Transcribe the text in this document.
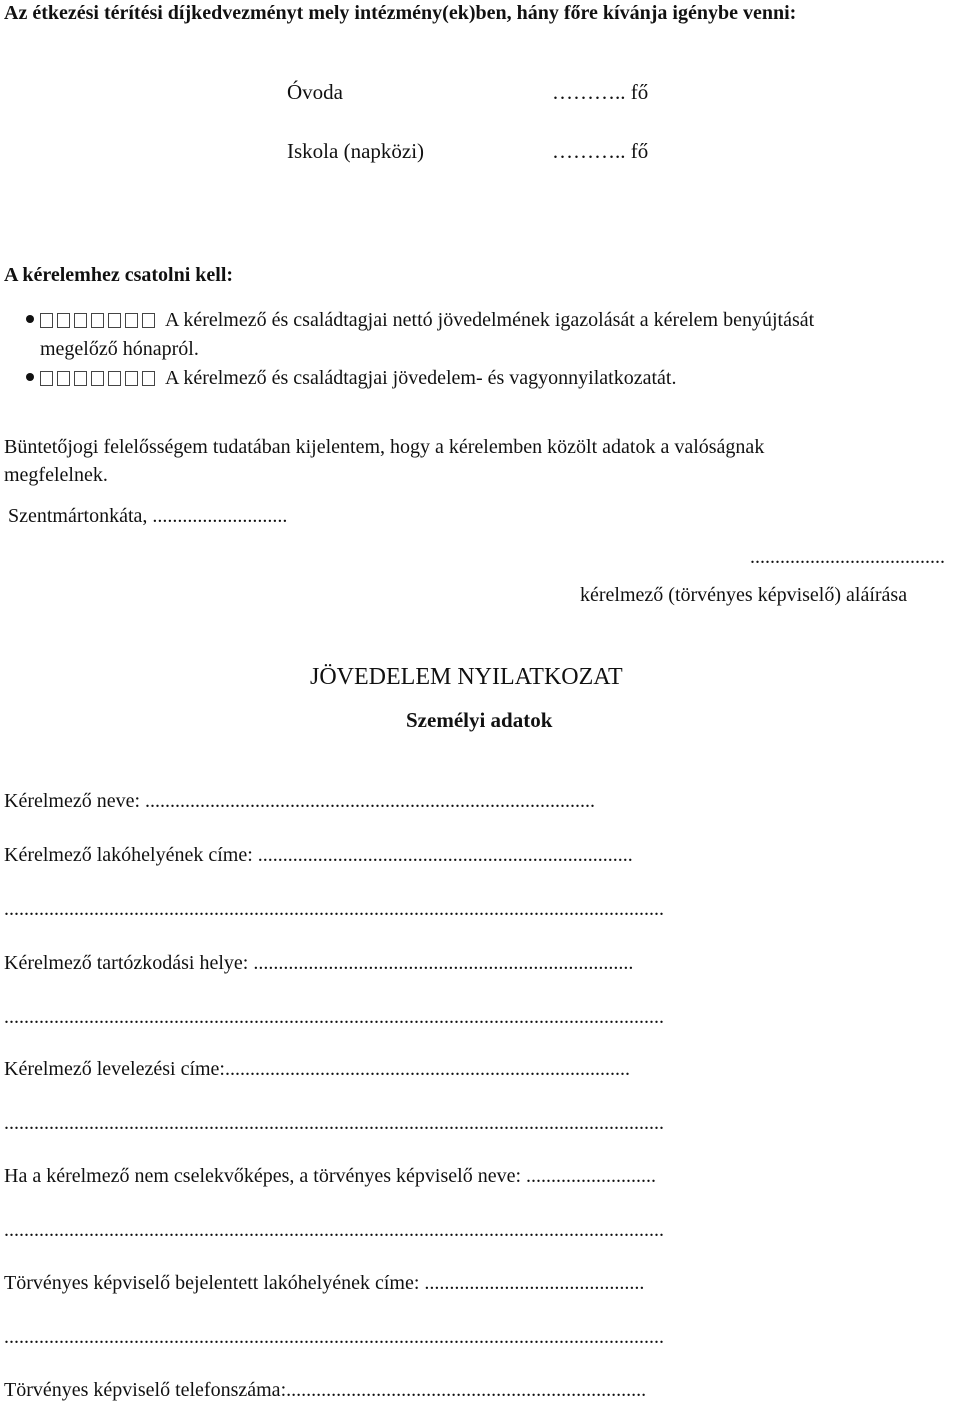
Az étkezési térítési díjkedvezményt mely intézmény(ek)ben, hány főre kívánja igénybe venni:
Óvoda	……….. fő
Iskola (napközi)	……….. fő
A kérelemhez csatolni kell:
A kérelmező és családtagjai nettó jövedelmének igazolását a kérelem benyújtását
megelőző hónapról.
A kérelmező és családtagjai jövedelem- és vagyonnyilatkozatát.
Büntetőjogi felelősségem tudatában kijelentem, hogy a kérelemben közölt adatok a valóságnak
megfelelnek.
Szentmártonkáta, ...........................
.......................................
kérelmező (törvényes képviselő) aláírása
JÖVEDELEM NYILATKOZAT
Személyi adatok
Kérelmező neve: ..........................................................................................
Kérelmező lakóhelyének címe: ...........................................................................
....................................................................................................................................
Kérelmező tartózkodási helye: ............................................................................
....................................................................................................................................
Kérelmező levelezési címe:.................................................................................
....................................................................................................................................
Ha a kérelmező nem cselekvőképes, a törvényes képviselő neve: ..........................
....................................................................................................................................
Törvényes képviselő bejelentett lakóhelyének címe: ............................................
....................................................................................................................................
Törvényes képviselő telefonszáma:........................................................................
